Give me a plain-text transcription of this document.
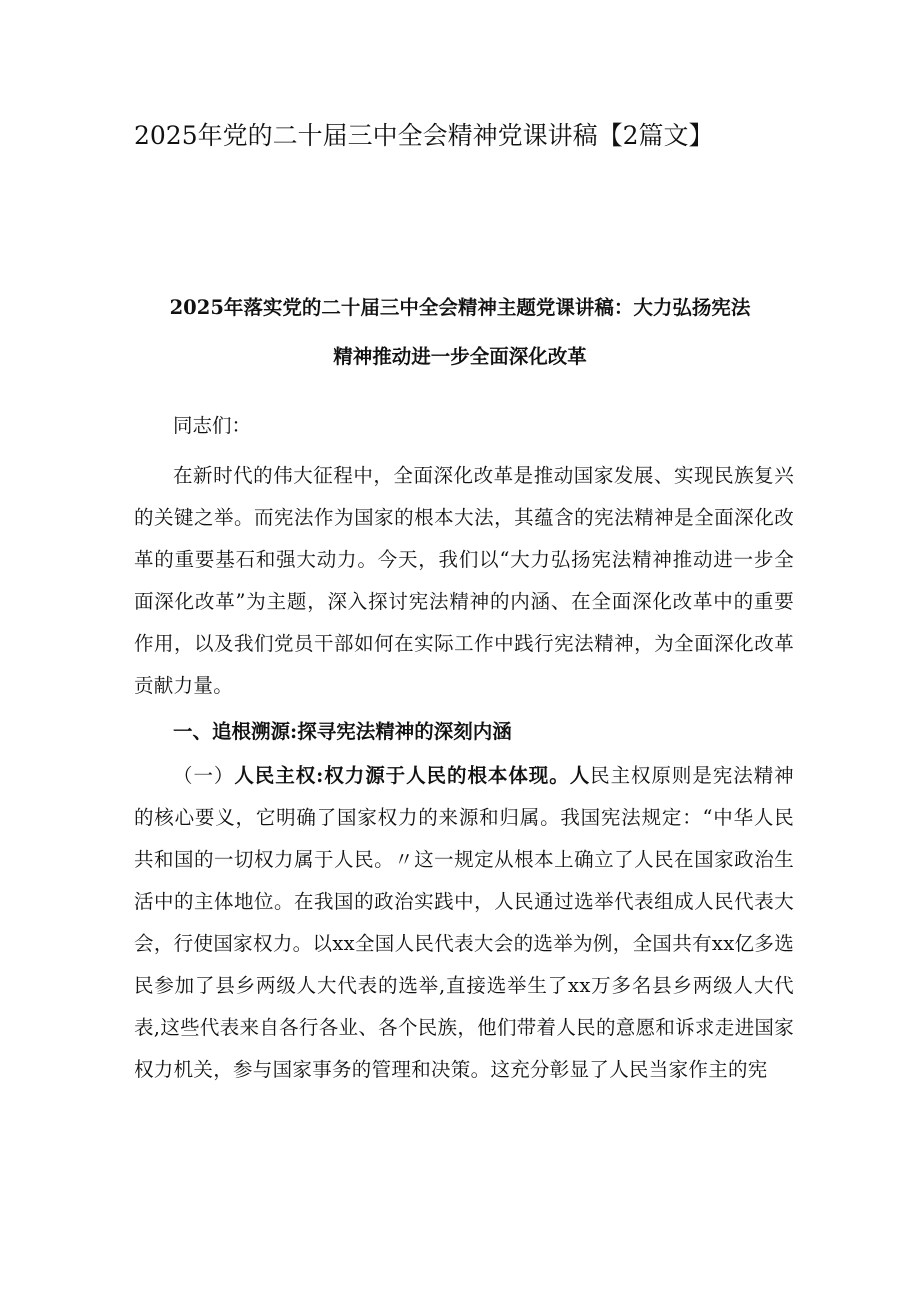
2025年党的二十届三中全会精神党课讲稿【2篇文】
2025年落实党的二十届三中全会精神主题党课讲稿：大力弘扬宪法
精神推动进一步全面深化改革

同志们：

在新时代的伟大征程中，全面深化改革是推动国家发展、实现民族复兴的关键之举。而宪法作为国家的根本大法，其蕴含的宪法精神是全面深化改革的重要基石和强大动力。今天，我们以“大力弘扬宪法精神推动进一步全面深化改革”为主题，深入探讨宪法精神的内涵、在全面深化改革中的重要作用，以及我们党员干部如何在实际工作中践行宪法精神，为全面深化改革贡献力量。

一、追根溯源:探寻宪法精神的深刻内涵

（一）人民主权:权力源于人民的根本体现。人民主权原则是宪法精神的核心要义，它明确了国家权力的来源和归属。我国宪法规定：“中华人民共和国的一切权力属于人民。〃这一规定从根本上确立了人民在国家政治生活中的主体地位。在我国的政治实践中，人民通过选举代表组成人民代表大会，行使国家权力。以xx全国人民代表大会的选举为例，全国共有xx亿多选民参加了县乡两级人大代表的选举,直接选举生了xx万多名县乡两级人大代表,这些代表来自各行各业、各个民族，他们带着人民的意愿和诉求走进国家权力机关，参与国家事务的管理和决策。这充分彰显了人民当家作主的宪
